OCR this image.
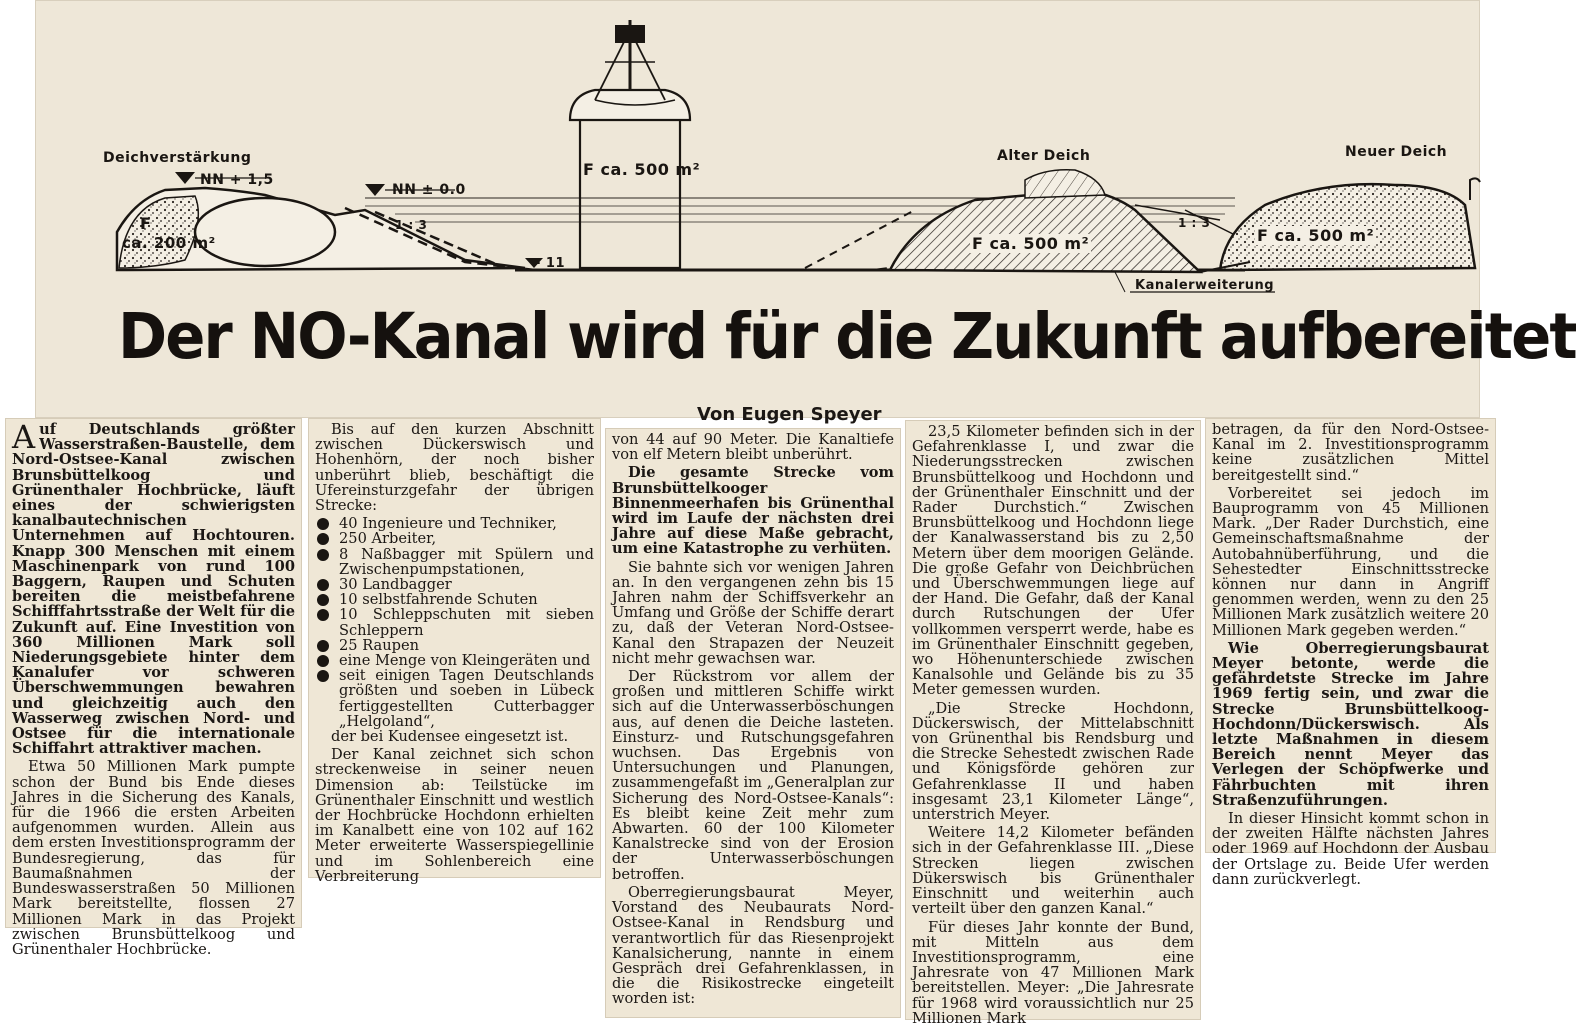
Deichverstärkung
NN + 1,5
NN ± 0.0
F
ca. 200 m²
1 : 3
- 11
F ca. 500 m²
Alter Deich
F ca. 500 m²
1 : 3
Neuer Deich
F ca. 500 m²
Kanalerweiterung
Der NO-Kanal wird für die Zukunft aufbereitet
Von Eugen Speyer

Auf Deutschlands größter Wasserstraßen-Baustelle, dem Nord-Ostsee-Kanal zwischen Brunsbüttelkoog und Grünenthaler Hochbrücke, läuft eines der schwierigsten kanalbautechnischen Unternehmen auf Hochtouren. Knapp 300 Menschen mit einem Maschinenpark von rund 100 Baggern, Raupen und Schuten bereiten die meistbefahrene Schifffahrtsstraße der Welt für die Zukunft auf. Eine Investition von 360 Millionen Mark soll Niederungsgebiete hinter dem Kanalufer vor schweren Überschwemmungen bewahren und gleichzeitig auch den Wasserweg zwischen Nord- und Ostsee für die internationale Schiffahrt attraktiver machen.

Etwa 50 Millionen Mark pumpte schon der Bund bis Ende dieses Jahres in die Sicherung des Kanals, für die 1966 die ersten Arbeiten aufgenommen wurden. Allein aus dem ersten Investitionsprogramm der Bundesregierung, das für Baumaßnahmen der Bundeswasserstraßen 50 Millionen Mark bereitstellte, flossen 27 Millionen Mark in das Projekt zwischen Brunsbüttelkoog und Grünenthaler Hochbrücke.

Bis auf den kurzen Abschnitt zwischen Dückerswisch und Hohenhörn, der noch bisher unberührt blieb, beschäftigt die Ufereinsturzgefahr der übrigen Strecke:

40 Ingenieure und Techniker,
250 Arbeiter,
8 Naßbagger mit Spülern und Zwischenpumpstationen,
30 Landbagger
10 selbstfahrende Schuten
10 Schleppschuten mit sieben Schleppern
25 Raupen
eine Menge von Kleingeräten und
seit einigen Tagen Deutschlands größten und soeben in Lübeck fertiggestellten Cutterbagger „Helgoland“,

der bei Kudensee eingesetzt ist.

Der Kanal zeichnet sich schon streckenweise in seiner neuen Dimension ab: Teilstücke im Grünenthaler Einschnitt und westlich der Hochbrücke Hochdonn erhielten im Kanalbett eine von 102 auf 162 Meter erweiterte Wasserspiegellinie und im Sohlenbereich eine Verbreiterung

von 44 auf 90 Meter. Die Kanaltiefe von elf Metern bleibt unberührt.

Die gesamte Strecke vom Brunsbüttelkooger Binnenmeerhafen bis Grünenthal wird im Laufe der nächsten drei Jahre auf diese Maße gebracht, um eine Katastrophe zu verhüten.

Sie bahnte sich vor wenigen Jahren an. In den vergangenen zehn bis 15 Jahren nahm der Schiffsverkehr an Umfang und Größe der Schiffe derart zu, daß der Veteran Nord-Ostsee-Kanal den Strapazen der Neuzeit nicht mehr gewachsen war.

Der Rückstrom vor allem der großen und mittleren Schiffe wirkt sich auf die Unterwasserböschungen aus, auf denen die Deiche lasteten. Einsturz- und Rutschungsgefahren wuchsen. Das Ergebnis von Untersuchungen und Planungen, zusammengefaßt im „Generalplan zur Sicherung des Nord-Ostsee-Kanals“: Es bleibt keine Zeit mehr zum Abwarten. 60 der 100 Kilometer Kanalstrecke sind von der Erosion der Unterwasserböschungen betroffen.

Oberregierungsbaurat Meyer, Vorstand des Neubaurats Nord-Ostsee-Kanal in Rendsburg und verantwortlich für das Riesenprojekt Kanalsicherung, nannte in einem Gespräch drei Gefahrenklassen, in die die Risikostrecke eingeteilt worden ist:

23,5 Kilometer befinden sich in der Gefahrenklasse I, und zwar die Niederungsstrecken zwischen Brunsbüttelkoog und Hochdonn und der Grünenthaler Einschnitt und der Rader Durchstich.“ Zwischen Brunsbüttelkoog und Hochdonn liege der Kanalwasserstand bis zu 2,50 Metern über dem moorigen Gelände. Die große Gefahr von Deichbrüchen und Überschwemmungen liege auf der Hand. Die Gefahr, daß der Kanal durch Rutschungen der Ufer vollkommen versperrt werde, habe es im Grünenthaler Einschnitt gegeben, wo Höhenunterschiede zwischen Kanalsohle und Gelände bis zu 35 Meter gemessen wurden.

„Die Strecke Hochdonn, Dückerswisch, der Mittelabschnitt von Grünenthal bis Rendsburg und die Strecke Sehestedt zwischen Rade und Königsförde gehören zur Gefahrenklasse II und haben insgesamt 23,1 Kilometer Länge“, unterstrich Meyer.

Weitere 14,2 Kilometer befänden sich in der Gefahrenklasse III. „Diese Strecken liegen zwischen Dükerswisch bis Grünenthaler Einschnitt und weiterhin auch verteilt über den ganzen Kanal.“

Für dieses Jahr konnte der Bund, mit Mitteln aus dem Investitionsprogramm, eine Jahresrate von 47 Millionen Mark bereitstellen. Meyer: „Die Jahresrate für 1968 wird voraussichtlich nur 25 Millionen Mark

betragen, da für den Nord-Ostsee-Kanal im 2. Investitionsprogramm keine zusätzlichen Mittel bereitgestellt sind.“

Vorbereitet sei jedoch im Bauprogramm von 45 Millionen Mark. „Der Rader Durchstich, eine Gemeinschaftsmaßnahme der Autobahnüberführung, und die Sehestedter Einschnittsstrecke können nur dann in Angriff genommen werden, wenn zu den 25 Millionen Mark zusätzlich weitere 20 Millionen Mark gegeben werden.“

Wie Oberregierungsbaurat Meyer betonte, werde die gefährdetste Strecke im Jahre 1969 fertig sein, und zwar die Strecke Brunsbüttelkoog-Hochdonn/Dückerswisch. Als letzte Maßnahmen in diesem Bereich nennt Meyer das Verlegen der Schöpfwerke und Fährbuchten mit ihren Straßenzuführungen.

In dieser Hinsicht kommt schon in der zweiten Hälfte nächsten Jahres oder 1969 auf Hochdonn der Ausbau der Ortslage zu. Beide Ufer werden dann zurückverlegt.
